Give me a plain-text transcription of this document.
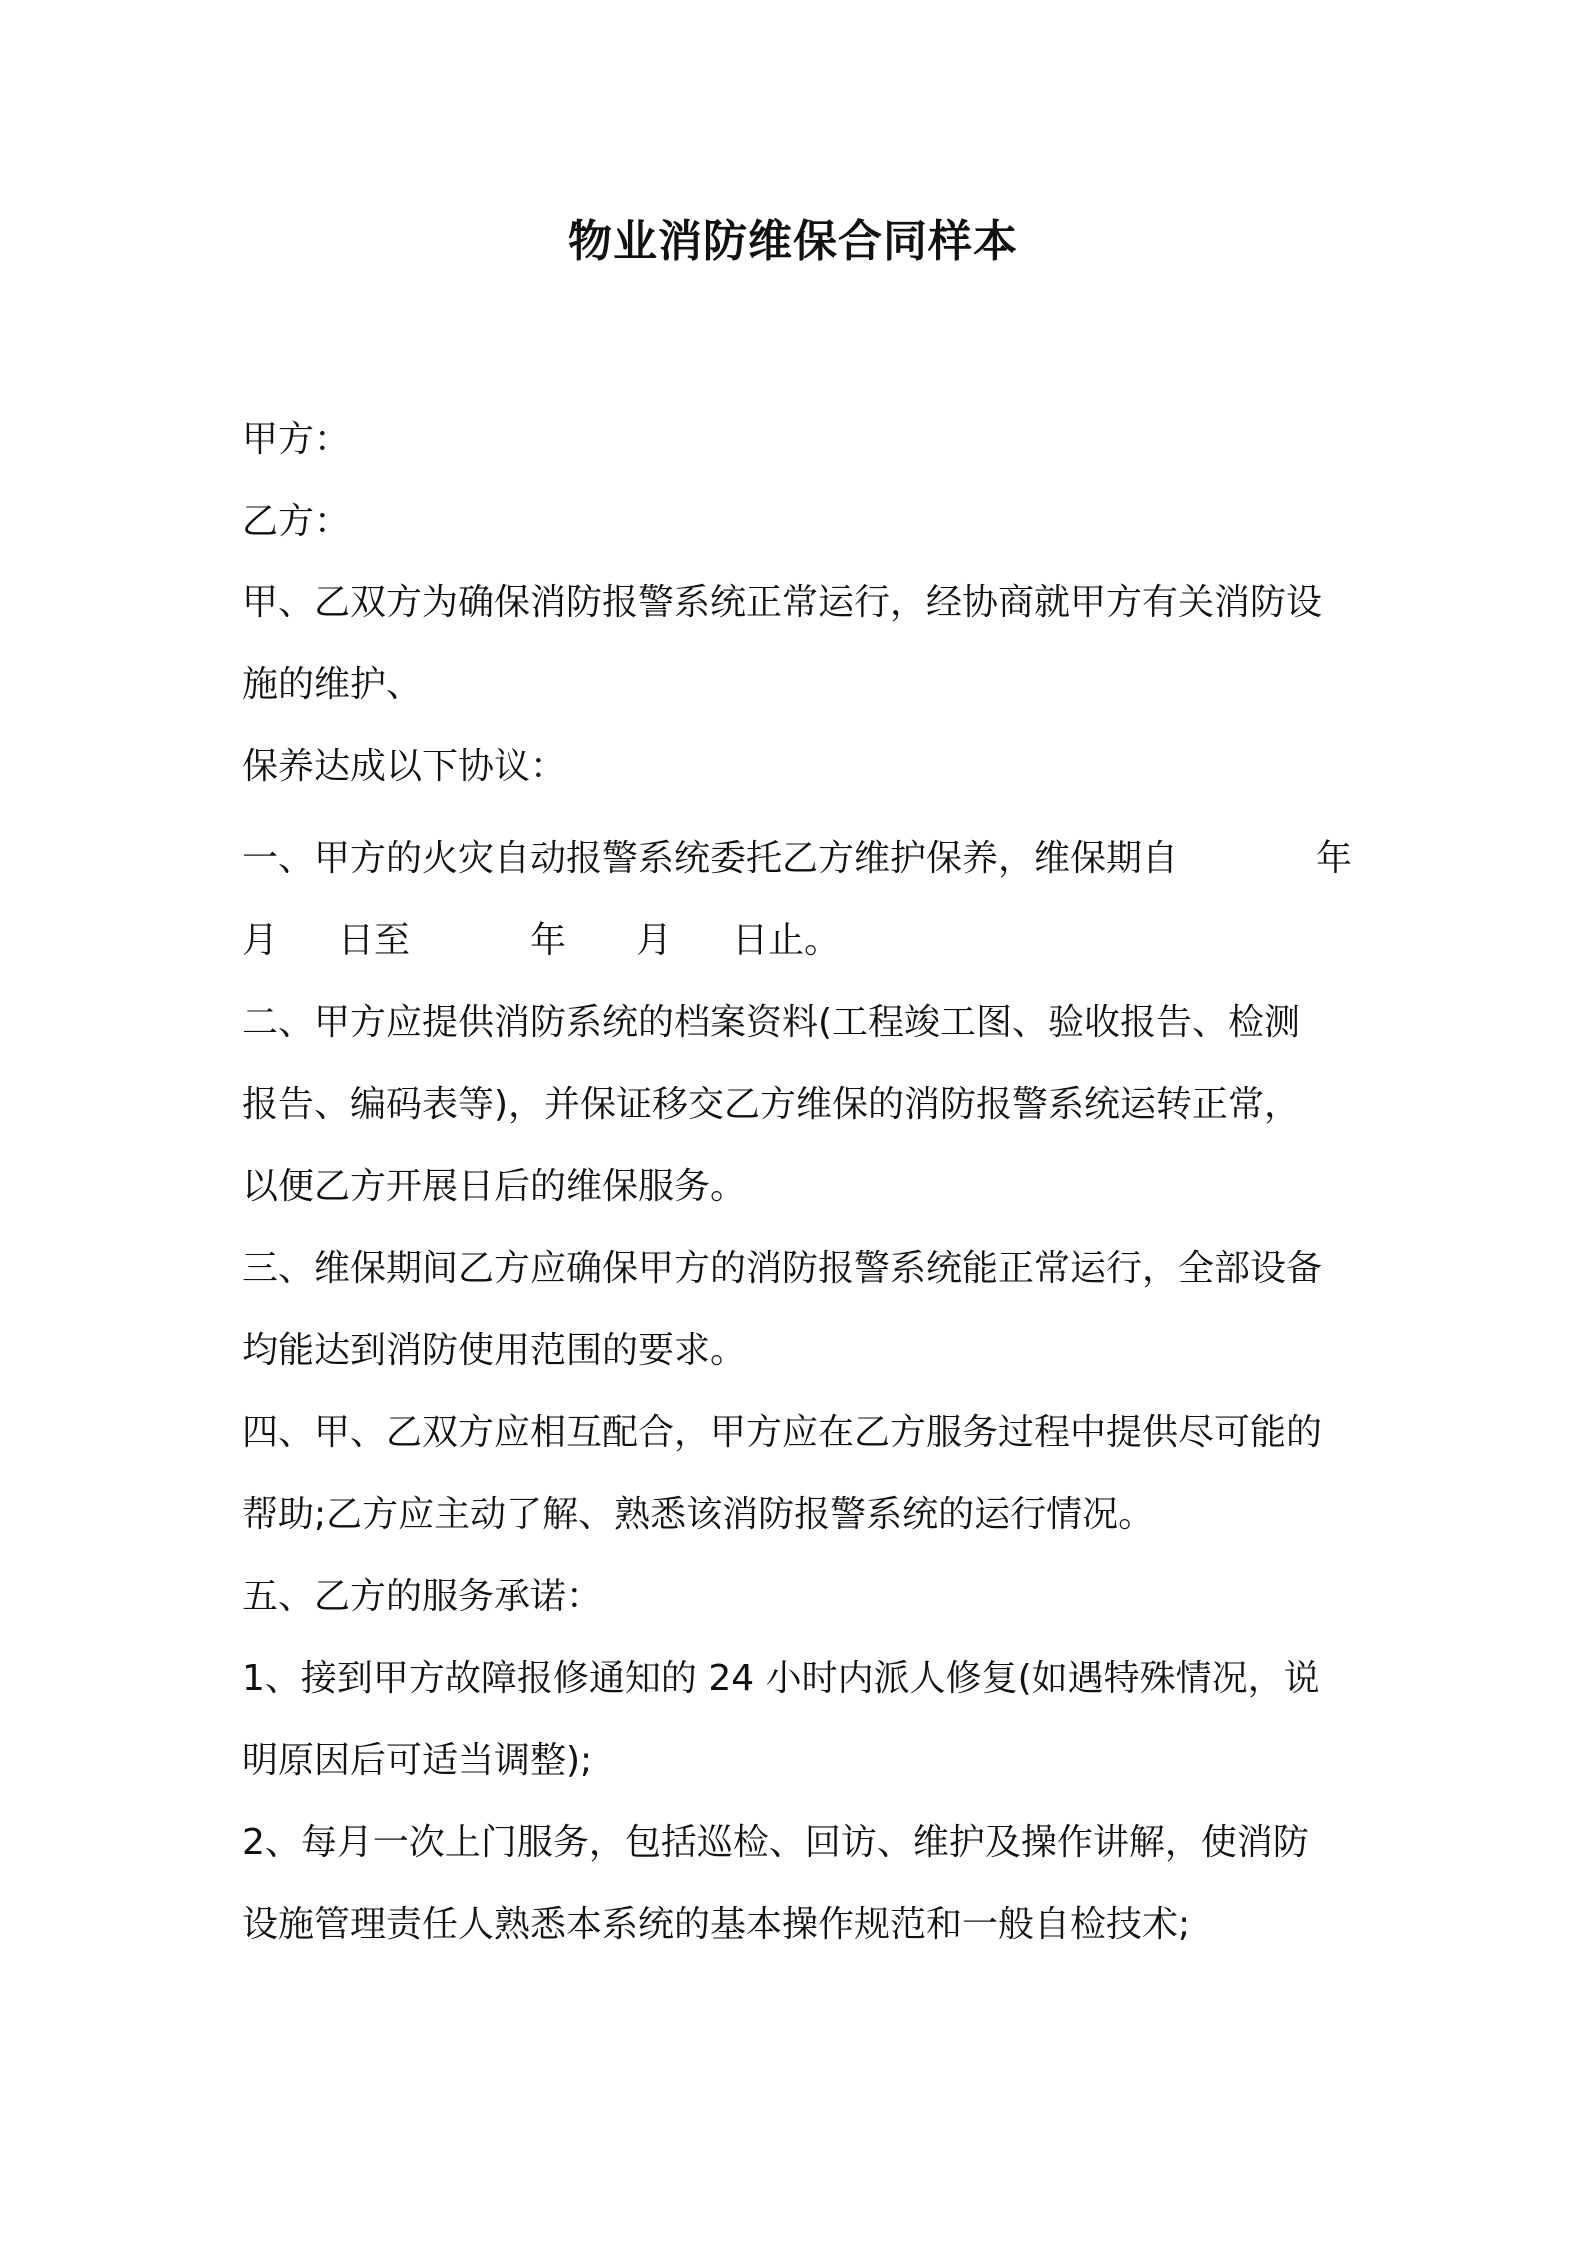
物业消防维保合同样本
甲方：
乙方：
甲、乙双方为确保消防报警系统正常运行，经协商就甲方有关消防设
施的维护、
保养达成以下协议：
一、甲方的火灾自动报警系统委托乙方维护保养，维保期自	年
月 日至	年 月 日止。
二、甲方应提供消防系统的档案资料(工程竣工图、验收报告、检测
报告、编码表等)，并保证移交乙方维保的消防报警系统运转正常，
以便乙方开展日后的维保服务。
三、维保期间乙方应确保甲方的消防报警系统能正常运行，全部设备
均能达到消防使用范围的要求。
四、甲、乙双方应相互配合，甲方应在乙方服务过程中提供尽可能的
帮助;乙方应主动了解、熟悉该消防报警系统的运行情况。
五、乙方的服务承诺：
1、接到甲方故障报修通知的 24 小时内派人修复(如遇特殊情况，说
明原因后可适当调整);
2、每月一次上门服务，包括巡检、回访、维护及操作讲解，使消防
设施管理责任人熟悉本系统的基本操作规范和一般自检技术;
